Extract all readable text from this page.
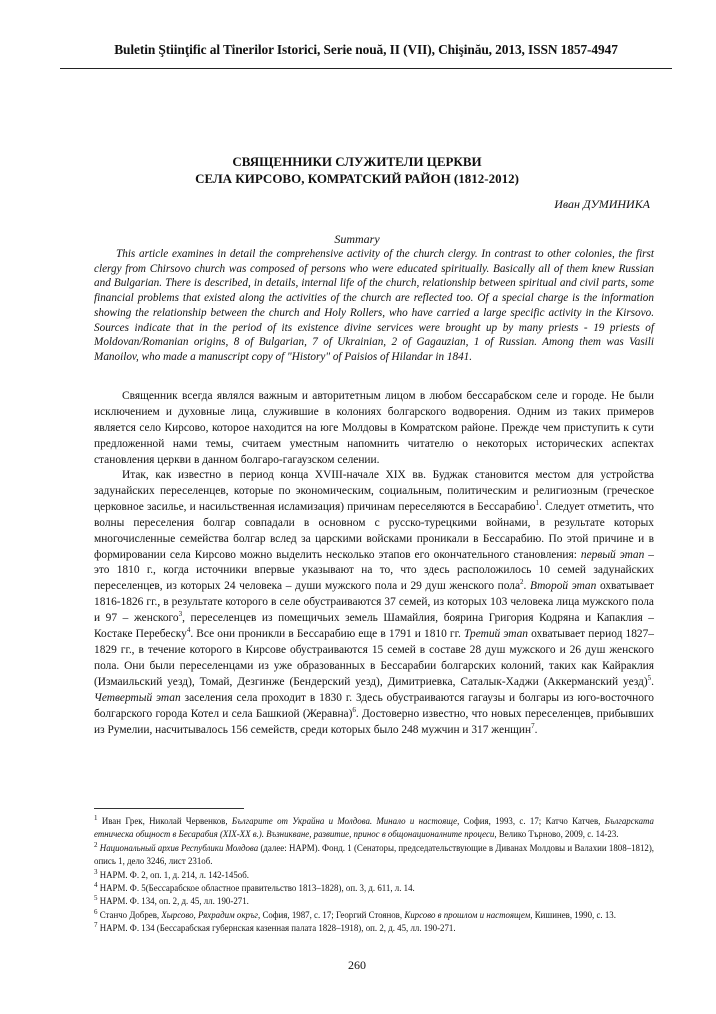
Buletin Ştiinţific al Tinerilor Istorici, Serie nouă, II (VII), Chişinău, 2013, ISSN 1857-4947
СВЯЩЕННИКИ СЛУЖИТЕЛИ ЦЕРКВИ
СЕЛА КИРСОВО, КОМРАТСКИЙ РАЙОН (1812-2012)
Иван ДУМИНИКА
Summary
This article examines in detail the comprehensive activity of the church clergy. In contrast to other colonies, the first clergy from Chirsovo church was composed of persons who were educated spiritually. Basically all of them knew Russian and Bulgarian. There is described, in details, internal life of the church, relationship between spiritual and civil parts, some financial problems that existed along the activities of the church are reflected too. Of a special charge is the information showing the relationship between the church and Holy Rollers, who have carried a large specific activity in the Kirsovo. Sources indicate that in the period of its existence divine services were brought up by many priests - 19 priests of Moldovan/Romanian origins, 8 of Bulgarian, 7 of Ukrainian, 2 of Gagauzian, 1 of Russian. Among them was Vasili Manoilov, who made a manuscript copy of "History" of Paisios of Hilandar in 1841.
Священник всегда являлся важным и авторитетным лицом в любом бессарабском селе и городе. Не были исключением и духовные лица, служившие в колониях болгарского водворения. Одним из таких примеров является село Кирсово, которое находится на юге Молдовы в Комратском районе. Прежде чем приступить к сути предложенной нами темы, считаем уместным напомнить читателю о некоторых исторических аспектах становления церкви в данном болгаро-гагаузском селении.
Итак, как известно в период конца XVIII-начале XIX вв. Буджак становится местом для устройства задунайских переселенцев, которые по экономическим, социальным, политическим и религиозным (греческое церковное засилье, и насильственная исламизация) причинам переселяются в Бессарабию$^1$. Следует отметить, что волны переселения болгар совпадали в основном с русско-турецкими войнами, в результате которых многочисленные семейства болгар вслед за царскими войсками проникали в Бессарабию. По этой причине и в формировании села Кирсово можно выделить несколько этапов его окончательного становления: первый этап – это 1810 г., когда источники впервые указывают на то, что здесь расположилось 10 семей задунайских переселенцев, из которых 24 человека – души мужского пола и 29 душ женского пола$^2$. Второй этап охватывает 1816-1826 гг., в результате которого в селе обустраиваются 37 семей, из которых 103 человека лица мужского пола и 97 – женского$^3$, переселенцев из помещичьих земель Шамайлия, боярина Григория Кодряна и Капаклия – Костаке Перебеску$^4$. Все они проникли в Бессарабию еще в 1791 и 1810 гг. Третий этап охватывает период 1827–1829 гг., в течение которого в Кирсове обустраиваются 15 семей в составе 28 душ мужского и 26 душ женского пола. Они были переселенцами из уже образованных в Бессарабии болгарских колоний, таких как Кайраклия (Измаильский уезд), Томай, Дезгинже (Бендерский уезд), Димитриевка, Саталык-Хаджи (Аккерманский уезд)$^5$. Четвертый этап заселения села проходит в 1830 г. Здесь обустраиваются гагаузы и болгары из юго-восточного болгарского города Котел и села Башкиой (Жеравна)$^6$. Достоверно известно, что новых переселенцев, прибывших из Румелии, насчитывалось 156 семейств, среди которых было 248 мужчин и 317 женщин$^7$.

$^1$ Иван Грек, Николай Червенков, Българите от Украйна и Молдова. Минало и настояще, София, 1993, с. 17; Катчо Катчев, Българската етническа общност в Бесарабия (XIX-XX в.). Възникване, развитие, принос в общонационалните процеси, Велико Търново, 2009, с. 14-23.

$^2$ Национальный архив Республики Молдова (далее: НАРМ). Фонд. 1 (Сенаторы, председательствующие в Диванах Молдовы и Валахии 1808–1812), опись 1, дело 3246, лист 231об.

$^3$ НАРМ. Ф. 2, оп. 1, д. 214, л. 142-145об.

$^4$ НАРМ. Ф. 5(Бессарабское областное правительство 1813–1828), оп. 3, д. 611, л. 14.

$^5$ НАРМ. Ф. 134, оп. 2, д. 45, лл. 190-271.

$^6$ Станчо Добрев, Хырсово, Ряхрадим окръг, София, 1987, с. 17; Георгий Стоянов, Кирсово в прошлом и настоящем, Кишинев, 1990, с. 13.

$^7$ НАРМ. Ф. 134 (Бессарабская губернская казенная палата 1828–1918), оп. 2, д. 45, лл. 190-271.

260
